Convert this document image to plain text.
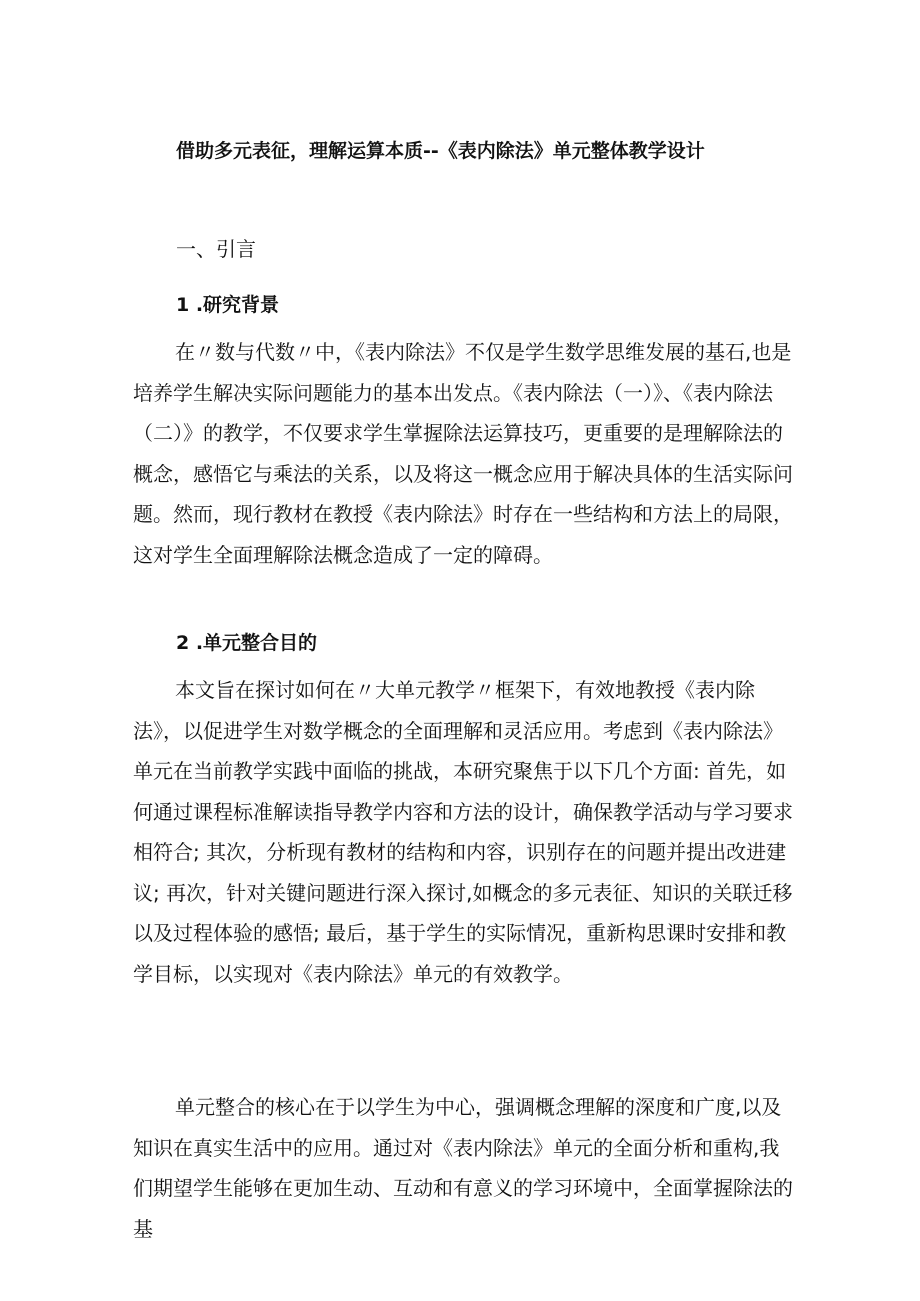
借助多元表征，理解运算本质--《表内除法》单元整体教学设计

一、引言

1 .研究背景

在〃数与代数〃中，《表内除法》不仅是学生数学思维发展的基石,也是培养学生解决实际问题能力的基本出发点。《表内除法（一）》、《表内除法（二）》的教学，不仅要求学生掌握除法运算技巧，更重要的是理解除法的概念，感悟它与乘法的关系，以及将这一概念应用于解决具体的生活实际问题。然而，现行教材在教授《表内除法》时存在一些结构和方法上的局限，这对学生全面理解除法概念造成了一定的障碍。

2 .单元整合目的

本文旨在探讨如何在〃大单元教学〃框架下，有效地教授《表内除法》，以促进学生对数学概念的全面理解和灵活应用。考虑到《表内除法》单元在当前教学实践中面临的挑战，本研究聚焦于以下几个方面: 首先，如何通过课程标准解读指导教学内容和方法的设计，确保教学活动与学习要求相符合; 其次，分析现有教材的结构和内容，识别存在的问题并提出改进建议; 再次，针对关键问题进行深入探讨,如概念的多元表征、知识的关联迁移以及过程体验的感悟; 最后，基于学生的实际情况，重新构思课时安排和教学目标，以实现对《表内除法》单元的有效教学。

单元整合的核心在于以学生为中心，强调概念理解的深度和广度,以及知识在真实生活中的应用。通过对《表内除法》单元的全面分析和重构,我们期望学生能够在更加生动、互动和有意义的学习环境中，全面掌握除法的基
